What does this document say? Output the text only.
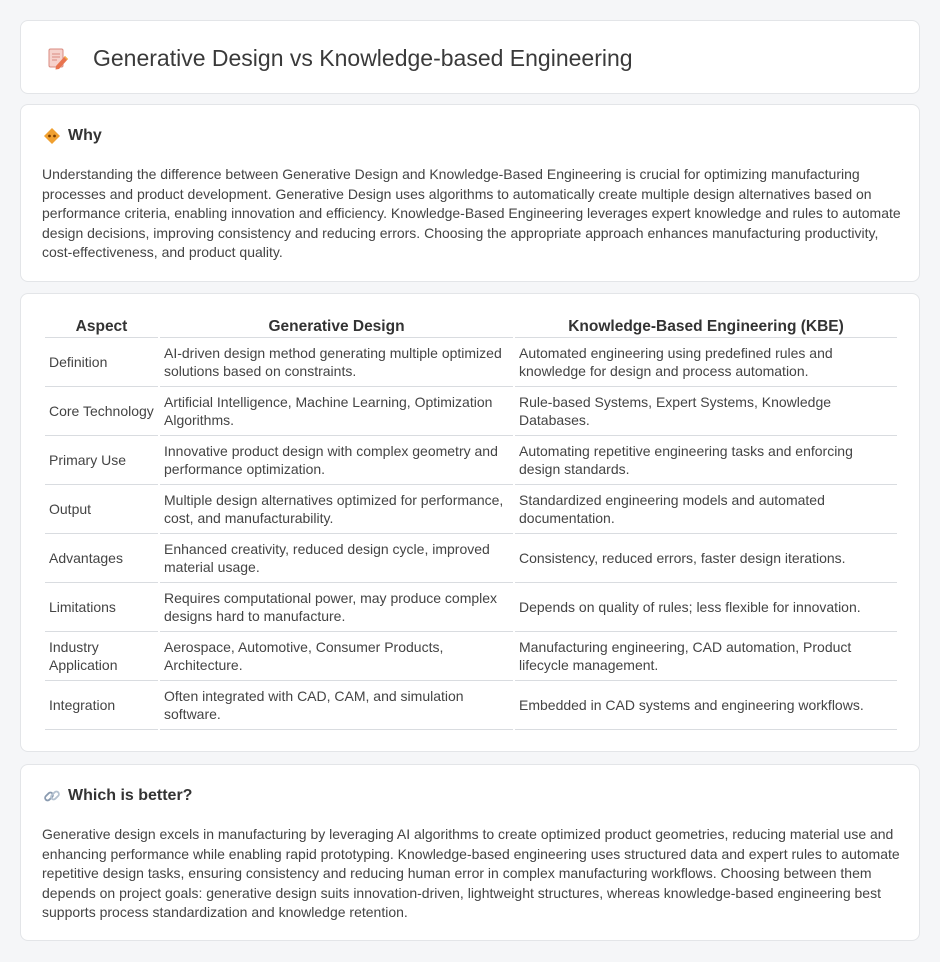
Generative Design vs Knowledge-based Engineering
Why

Understanding the difference between Generative Design and Knowledge-Based Engineering is crucial for optimizing manufacturing processes and product development. Generative Design uses algorithms to automatically create multiple design alternatives based on performance criteria, enabling innovation and efficiency. Knowledge-Based Engineering leverages expert knowledge and rules to automate design decisions, improving consistency and reducing errors. Choosing the appropriate approach enhances manufacturing productivity, cost-effectiveness, and product quality.

Aspect	Generative Design	Knowledge-Based Engineering (KBE)
Definition	AI-driven design method generating multiple optimized solutions based on constraints.	Automated engineering using predefined rules and knowledge for design and process automation.
Core Technology	Artificial Intelligence, Machine Learning, Optimization Algorithms.	Rule-based Systems, Expert Systems, Knowledge Databases.
Primary Use	Innovative product design with complex geometry and performance optimization.	Automating repetitive engineering tasks and enforcing design standards.
Output	Multiple design alternatives optimized for performance, cost, and manufacturability.	Standardized engineering models and automated documentation.
Advantages	Enhanced creativity, reduced design cycle, improved material usage.	Consistency, reduced errors, faster design iterations.
Limitations	Requires computational power, may produce complex designs hard to manufacture.	Depends on quality of rules; less flexible for innovation.
Industry Application	Aerospace, Automotive, Consumer Products, Architecture.	Manufacturing engineering, CAD automation, Product lifecycle management.
Integration	Often integrated with CAD, CAM, and simulation software.	Embedded in CAD systems and engineering workflows.
Which is better?

Generative design excels in manufacturing by leveraging AI algorithms to create optimized product geometries, reducing material use and enhancing performance while enabling rapid prototyping. Knowledge-based engineering uses structured data and expert rules to automate repetitive design tasks, ensuring consistency and reducing human error in complex manufacturing workflows. Choosing between them depends on project goals: generative design suits innovation-driven, lightweight structures, whereas knowledge-based engineering best supports process standardization and knowledge retention.
